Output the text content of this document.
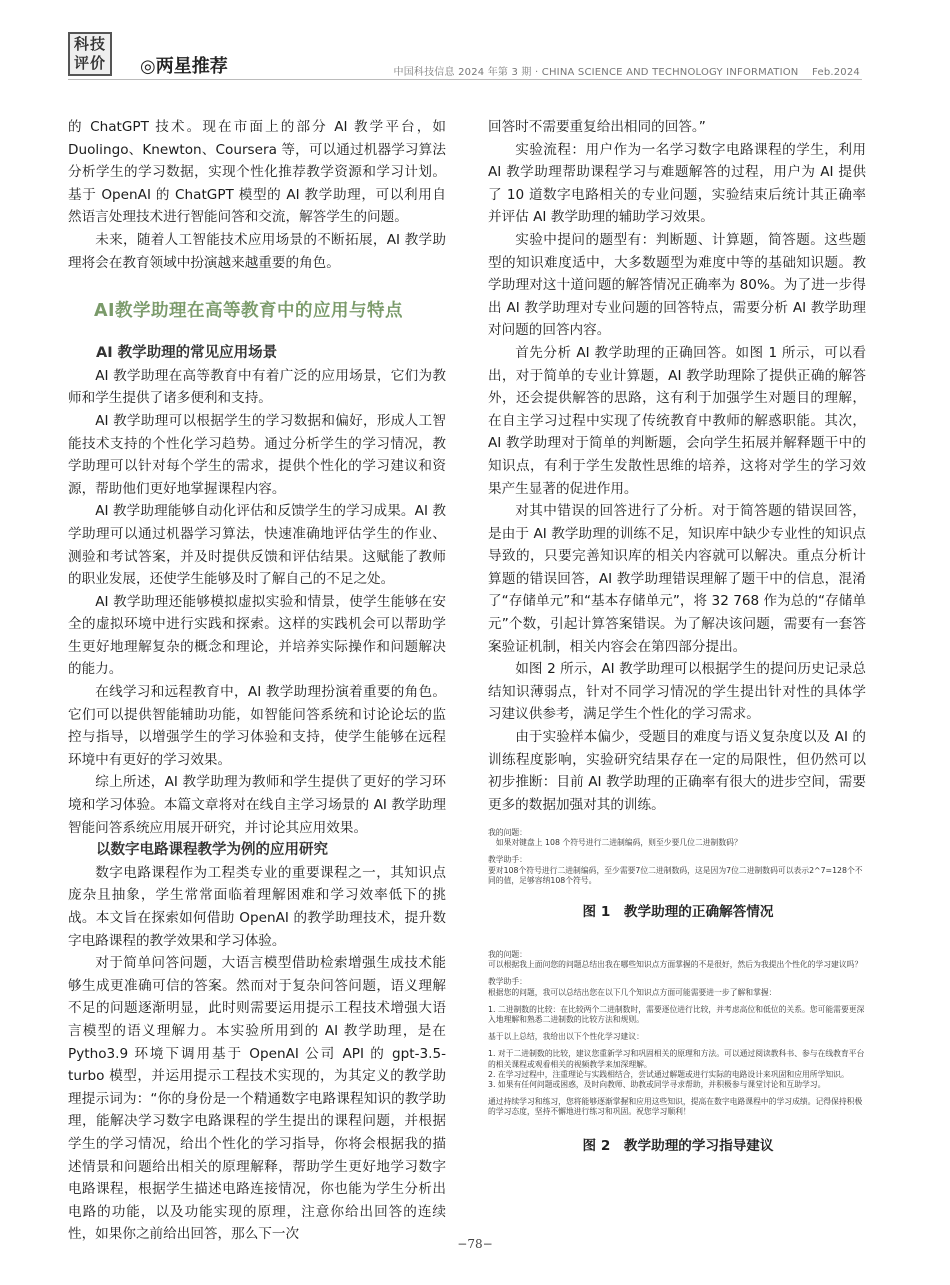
科技
评价 ◎两星推荐	中国科技信息 2024 年第 3 期 · CHINA SCIENCE AND TECHNOLOGY INFORMATION　 Feb.2024

的 ChatGPT 技术。现在市面上的部分 AI 教学平台，如 Duolingo、Knewton、Coursera 等，可以通过机器学习算法分析学生的学习数据，实现个性化推荐教学资源和学习计划。基于 OpenAI 的 ChatGPT 模型的 AI 教学助理，可以利用自然语言处理技术进行智能问答和交流，解答学生的问题。

未来，随着人工智能技术应用场景的不断拓展，AI 教学助理将会在教育领域中扮演越来越重要的角色。

AI教学助理在高等教育中的应用与特点
AI 教学助理的常见应用场景

AI 教学助理在高等教育中有着广泛的应用场景，它们为教师和学生提供了诸多便利和支持。

AI 教学助理可以根据学生的学习数据和偏好，形成人工智能技术支持的个性化学习趋势。通过分析学生的学习情况，教学助理可以针对每个学生的需求，提供个性化的学习建议和资源，帮助他们更好地掌握课程内容。

AI 教学助理能够自动化评估和反馈学生的学习成果。AI 教学助理可以通过机器学习算法，快速准确地评估学生的作业、测验和考试答案，并及时提供反馈和评估结果。这赋能了教师的职业发展，还使学生能够及时了解自己的不足之处。

AI 教学助理还能够模拟虚拟实验和情景，使学生能够在安全的虚拟环境中进行实践和探索。这样的实践机会可以帮助学生更好地理解复杂的概念和理论，并培养实际操作和问题解决的能力。

在线学习和远程教育中，AI 教学助理扮演着重要的角色。它们可以提供智能辅助功能，如智能问答系统和讨论论坛的监控与指导，以增强学生的学习体验和支持，使学生能够在远程环境中有更好的学习效果。

综上所述，AI 教学助理为教师和学生提供了更好的学习环境和学习体验。本篇文章将对在线自主学习场景的 AI 教学助理智能问答系统应用展开研究，并讨论其应用效果。

以数字电路课程教学为例的应用研究

数字电路课程作为工程类专业的重要课程之一，其知识点庞杂且抽象，学生常常面临着理解困难和学习效率低下的挑战。本文旨在探索如何借助 OpenAI 的教学助理技术，提升数字电路课程的教学效果和学习体验。

对于简单问答问题，大语言模型借助检索增强生成技术能够生成更准确可信的答案。然而对于复杂问答问题，语义理解不足的问题逐渐明显，此时则需要运用提示工程技术增强大语言模型的语义理解力。本实验所用到的 AI 教学助理，是在 Pytho3.9 环境下调用基于 OpenAI 公司 API 的 gpt-3.5-turbo 模型，并运用提示工程技术实现的，为其定义的教学助理提示词为：“你的身份是一个精通数字电路课程知识的教学助理，能解决学习数字电路课程的学生提出的课程问题，并根据学生的学习情况，给出个性化的学习指导，你将会根据我的描述情景和问题给出相关的原理解释，帮助学生更好地学习数字电路课程，根据学生描述电路连接情况，你也能为学生分析出电路的功能，以及功能实现的原理，注意你给出回答的连续性，如果你之前给出回答，那么下一次

回答时不需要重复给出相同的回答。”

实验流程：用户作为一名学习数字电路课程的学生，利用 AI 教学助理帮助课程学习与难题解答的过程，用户为 AI 提供了 10 道数字电路相关的专业问题，实验结束后统计其正确率并评估 AI 教学助理的辅助学习效果。

实验中提问的题型有：判断题、计算题，简答题。这些题型的知识难度适中，大多数题型为难度中等的基础知识题。教学助理对这十道问题的解答情况正确率为 80%。为了进一步得出 AI 教学助理对专业问题的回答特点，需要分析 AI 教学助理对问题的回答内容。

首先分析 AI 教学助理的正确回答。如图 1 所示，可以看出，对于简单的专业计算题，AI 教学助理除了提供正确的解答外，还会提供解答的思路，这有利于加强学生对题目的理解，在自主学习过程中实现了传统教育中教师的解惑职能。其次，AI 教学助理对于简单的判断题，会向学生拓展并解释题干中的知识点，有利于学生发散性思维的培养，这将对学生的学习效果产生显著的促进作用。

对其中错误的回答进行了分析。对于简答题的错误回答，是由于 AI 教学助理的训练不足，知识库中缺少专业性的知识点导致的，只要完善知识库的相关内容就可以解决。重点分析计算题的错误回答，AI 教学助理错误理解了题干中的信息，混淆了“存储单元”和“基本存储单元”，将 32 768 作为总的“存储单元”个数，引起计算答案错误。为了解决该问题，需要有一套答案验证机制，相关内容会在第四部分提出。

如图 2 所示，AI 教学助理可以根据学生的提问历史记录总结知识薄弱点，针对不同学习情况的学生提出针对性的具体学习建议供参考，满足学生个性化的学习需求。

由于实验样本偏少，受题目的难度与语义复杂度以及 AI 的训练程度影响，实验研究结果存在一定的局限性，但仍然可以初步推断：目前 AI 教学助理的正确率有很大的进步空间，需要更多的数据加强对其的训练。

我的问题：
　如果对键盘上 108 个符号进行二进制编码，则至少要几位二进制数码？
教学助手：
要对108个符号进行二进制编码，至少需要7位二进制数码，这是因为7位二进制数码可以表示2^7=128个不同的值，足够容纳108个符号。
图 1　教学助理的正确解答情况
我的问题：
可以根据我上面问您的问题总结出我在哪些知识点方面掌握的不是很好，然后为我提出个性化的学习建议吗？
教学助手：
根据您的问题，我可以总结出您在以下几个知识点方面可能需要进一步了解和掌握：
1. 二进制数的比较：在比较两个二进制数时，需要逐位进行比较，并考虑高位和低位的关系。您可能需要更深入地理解和熟悉二进制数的比较方法和规则。
基于以上总结，我给出以下个性化学习建议：
1. 对于二进制数的比较，建议您重新学习和巩固相关的原理和方法。可以通过阅读教科书、参与在线教育平台的相关课程或观看相关的视频教学来加深理解。
2. 在学习过程中，注重理论与实践相结合，尝试通过解题或进行实际的电路设计来巩固和应用所学知识。
3. 如果有任何问题或困惑，及时向教师、助教或同学寻求帮助，并积极参与课堂讨论和互助学习。
通过持续学习和练习，您将能够逐渐掌握和应用这些知识，提高在数字电路课程中的学习成绩。记得保持积极的学习态度，坚持不懈地进行练习和巩固。祝您学习顺利！
图 2　教学助理的学习指导建议
−78−
